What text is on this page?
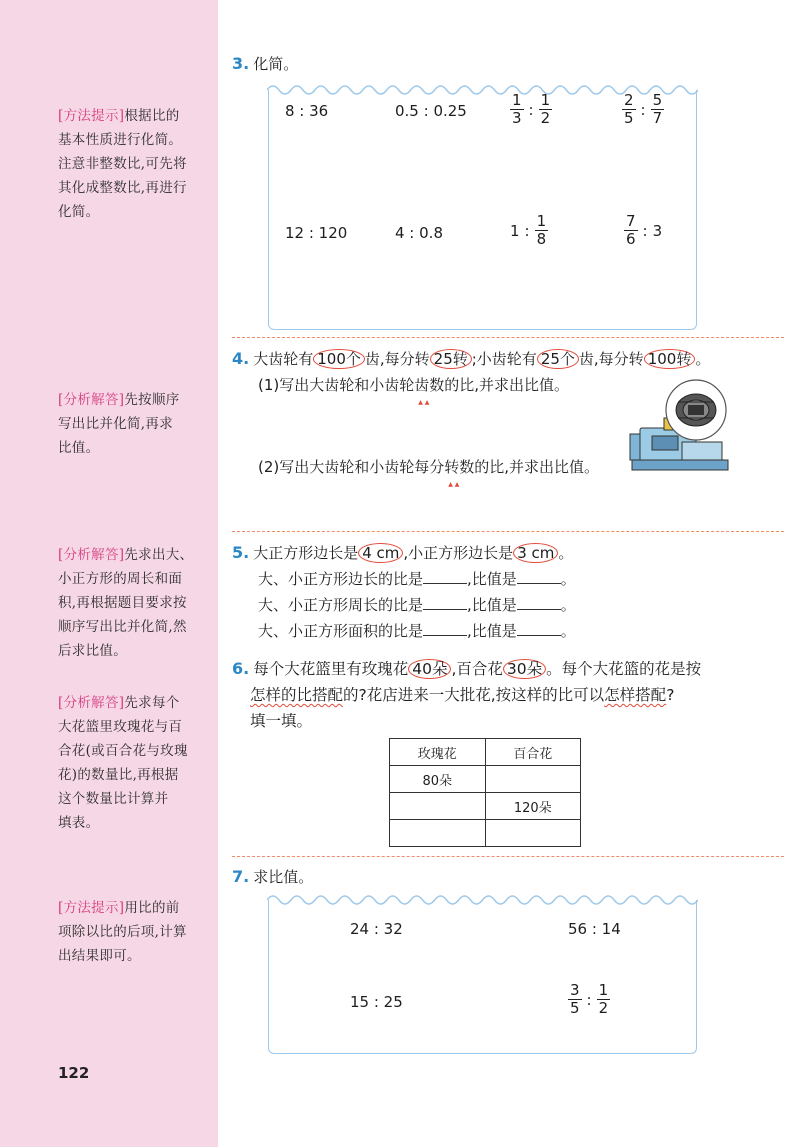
[方法提示]根据比的
基本性质进行化简。
注意非整数比,可先将
其化成整数比,再进行
化简。
[分析解答]先按顺序
写出比并化简,再求
比值。
[分析解答]先求出大、
小正方形的周长和面
积,再根据题目要求按
顺序写出比并化简,然
后求比值。
[分析解答]先求每个
大花篮里玫瑰花与百
合花(或百合花与玫瑰
花)的数量比,再根据
这个数量比计算并
填表。
[方法提示]用比的前
项除以比的后项,计算
出结果即可。
122
3. 化简。
8 : 36	0.5 : 0.25	$\frac{1}{3}$ : $\frac{1}{2}$	$\frac{2}{5}$ : $\frac{5}{7}$
12 : 120	4 : 0.8	1 : $\frac{1}{8}$	$\frac{7}{6}$ : 3
4. 大齿轮有 100个 齿,每分转 25转 ;小齿轮有 25个 齿,每分转 100转 。
(1)写出大齿轮和小齿轮齿数 ▲ ▲的比,并求出比值。
(2)写出大齿轮和小齿轮每分转数 ▲ ▲的比,并求出比值。
5. 大正方形边长是 4 cm ,小正方形边长是 3 cm 。
大、小正方形边长的比是	,比值是	。
大、小正方形周长的比是	,比值是	。
大、小正方形面积的比是	,比值是	。
6. 每个大花篮里有玫瑰花 40朵 ,百合花 30朵 。每个大花篮的花是按
怎样的比搭配的?花店进来一大批花,按这样的比可以怎样搭配?
填一填。
玫瑰花	百合花
80朵	
	120朵

7. 求比值。
24 : 32	56 : 14
15 : 25	$\frac{3}{5}$ : $\frac{1}{2}$
